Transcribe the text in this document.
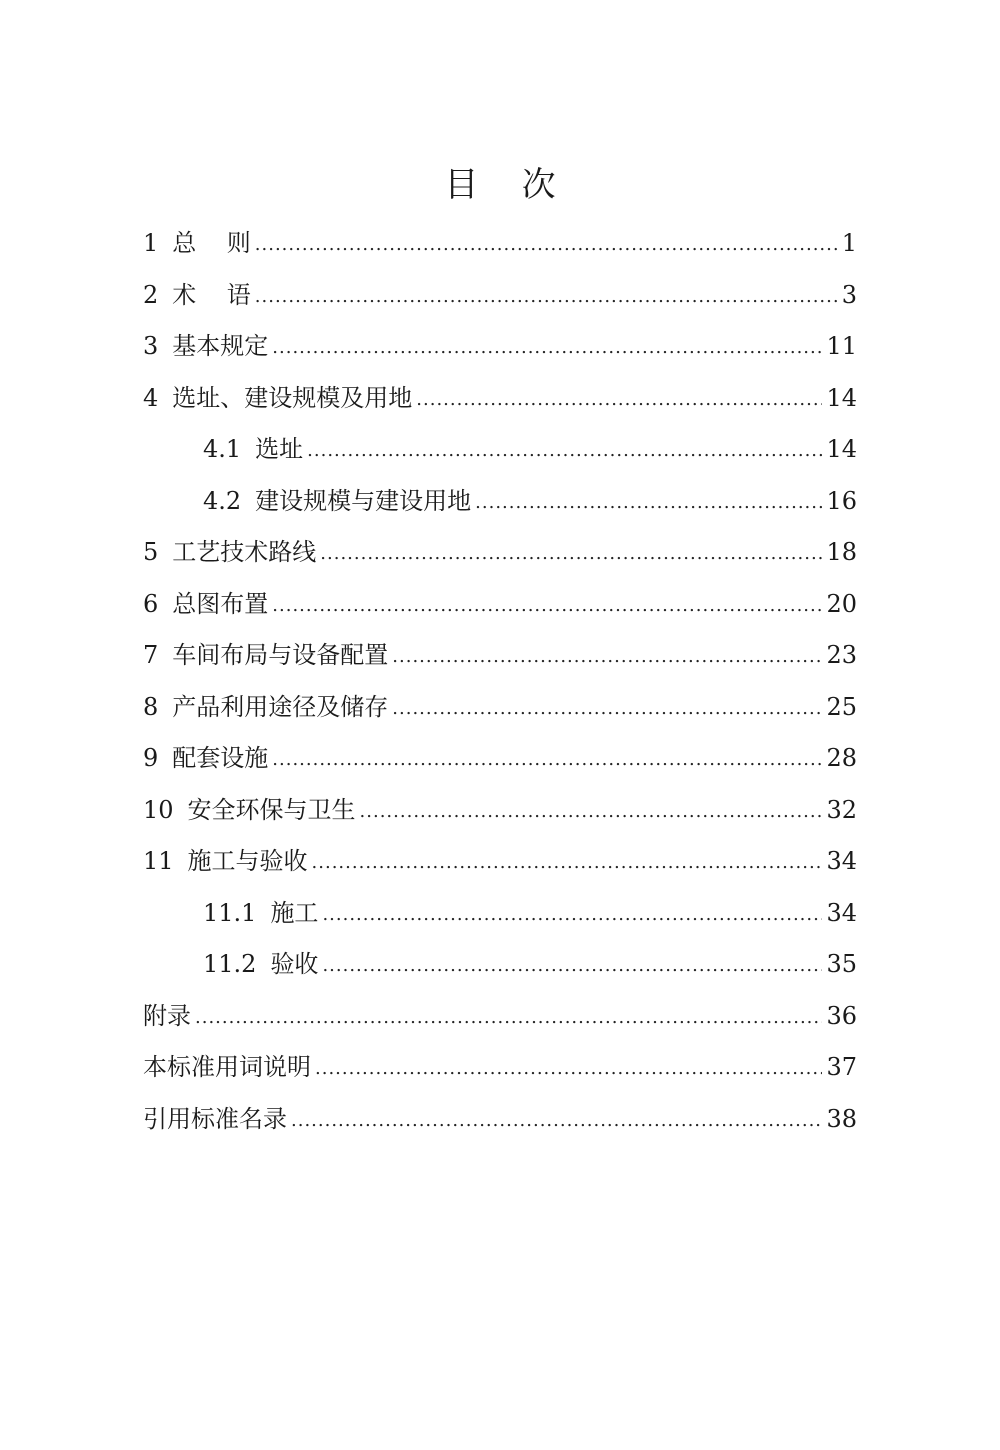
目    次
1 总    则 .....	1
2 术    语 .....	3
3 基本规定 .....	11
4 选址、建设规模及用地 .....	14
4.1 选址 .....	14
4.2 建设规模与建设用地 .....	16
5 工艺技术路线 .....	18
6 总图布置 .....	20
7 车间布局与设备配置 .....	23
8 产品利用途径及储存 .....	25
9 配套设施 .....	28
10 安全环保与卫生 .....	32
11 施工与验收 .....	34
11.1 施工 .....	34
11.2 验收 .....	35
附录 .....	36
本标准用词说明 .....	37
引用标准名录 .....	38
